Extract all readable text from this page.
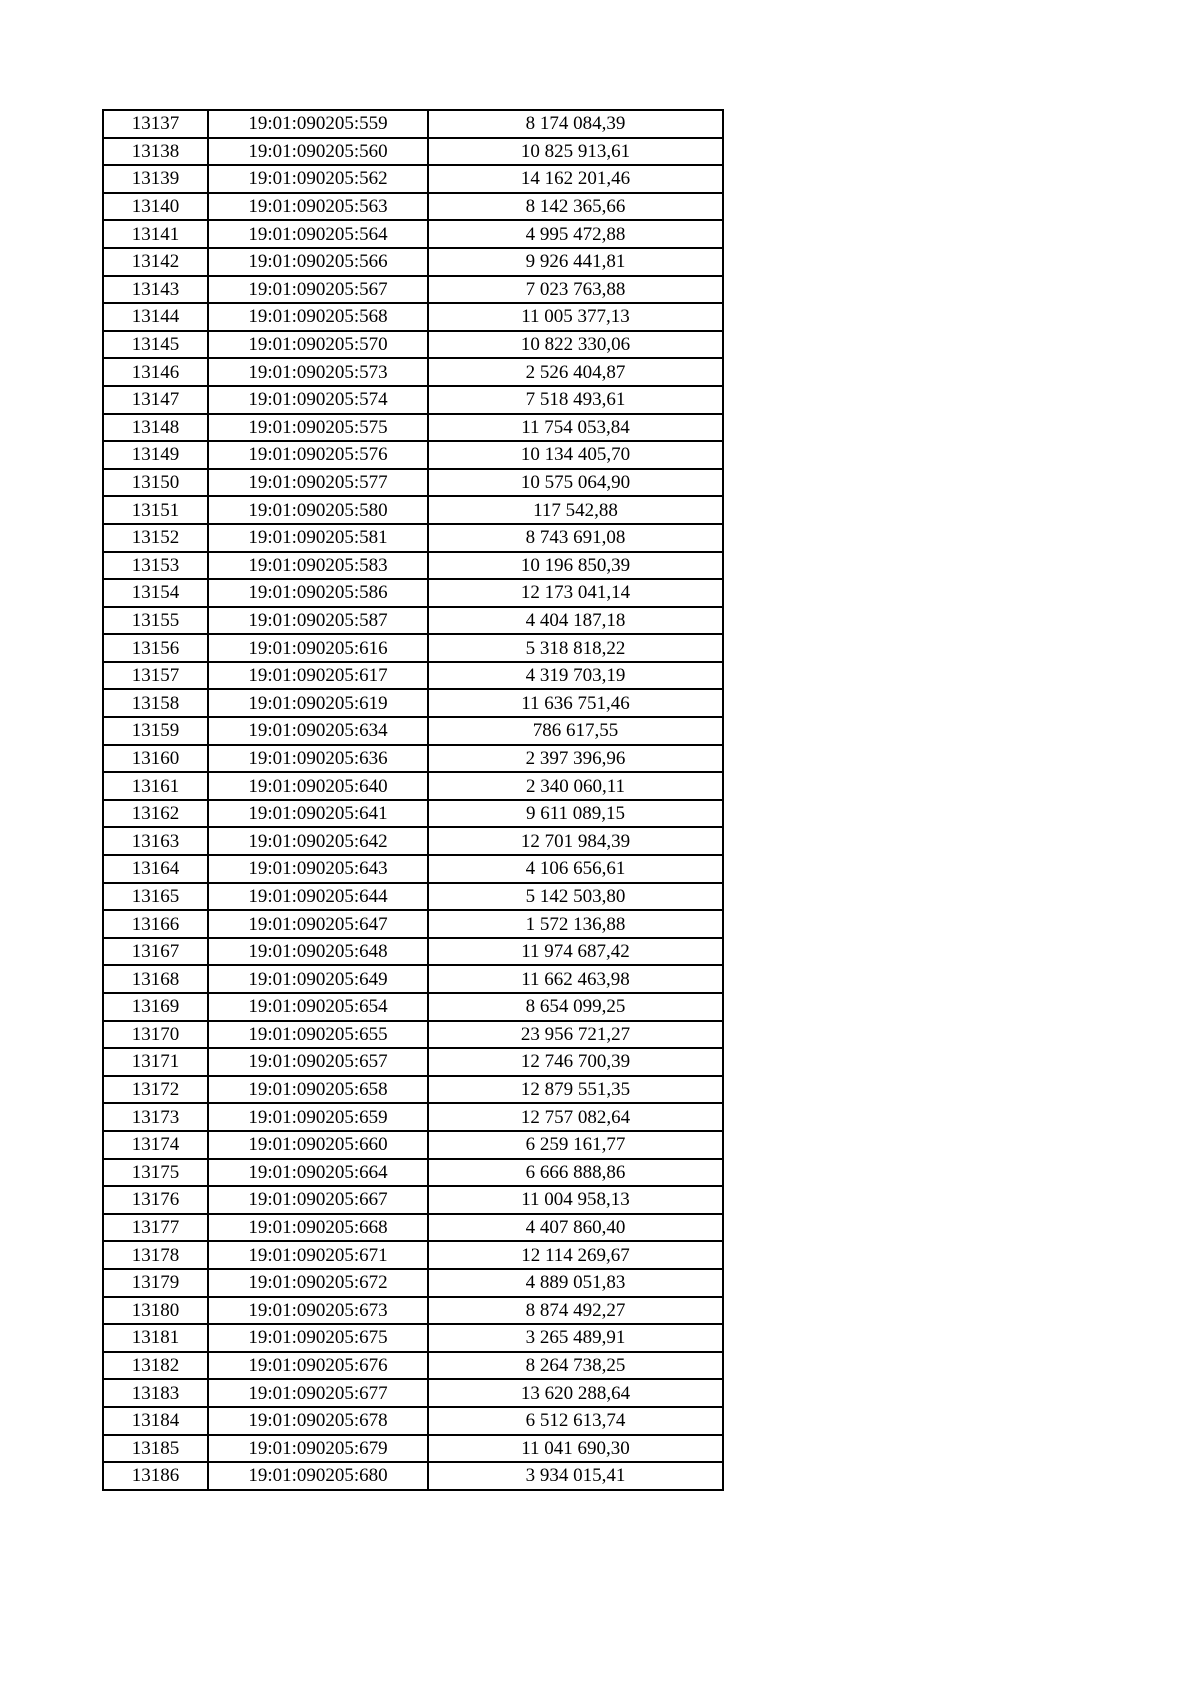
13137	19:01:090205:559	8 174 084,39
13138	19:01:090205:560	10 825 913,61
13139	19:01:090205:562	14 162 201,46
13140	19:01:090205:563	8 142 365,66
13141	19:01:090205:564	4 995 472,88
13142	19:01:090205:566	9 926 441,81
13143	19:01:090205:567	7 023 763,88
13144	19:01:090205:568	11 005 377,13
13145	19:01:090205:570	10 822 330,06
13146	19:01:090205:573	2 526 404,87
13147	19:01:090205:574	7 518 493,61
13148	19:01:090205:575	11 754 053,84
13149	19:01:090205:576	10 134 405,70
13150	19:01:090205:577	10 575 064,90
13151	19:01:090205:580	117 542,88
13152	19:01:090205:581	8 743 691,08
13153	19:01:090205:583	10 196 850,39
13154	19:01:090205:586	12 173 041,14
13155	19:01:090205:587	4 404 187,18
13156	19:01:090205:616	5 318 818,22
13157	19:01:090205:617	4 319 703,19
13158	19:01:090205:619	11 636 751,46
13159	19:01:090205:634	786 617,55
13160	19:01:090205:636	2 397 396,96
13161	19:01:090205:640	2 340 060,11
13162	19:01:090205:641	9 611 089,15
13163	19:01:090205:642	12 701 984,39
13164	19:01:090205:643	4 106 656,61
13165	19:01:090205:644	5 142 503,80
13166	19:01:090205:647	1 572 136,88
13167	19:01:090205:648	11 974 687,42
13168	19:01:090205:649	11 662 463,98
13169	19:01:090205:654	8 654 099,25
13170	19:01:090205:655	23 956 721,27
13171	19:01:090205:657	12 746 700,39
13172	19:01:090205:658	12 879 551,35
13173	19:01:090205:659	12 757 082,64
13174	19:01:090205:660	6 259 161,77
13175	19:01:090205:664	6 666 888,86
13176	19:01:090205:667	11 004 958,13
13177	19:01:090205:668	4 407 860,40
13178	19:01:090205:671	12 114 269,67
13179	19:01:090205:672	4 889 051,83
13180	19:01:090205:673	8 874 492,27
13181	19:01:090205:675	3 265 489,91
13182	19:01:090205:676	8 264 738,25
13183	19:01:090205:677	13 620 288,64
13184	19:01:090205:678	6 512 613,74
13185	19:01:090205:679	11 041 690,30
13186	19:01:090205:680	3 934 015,41
